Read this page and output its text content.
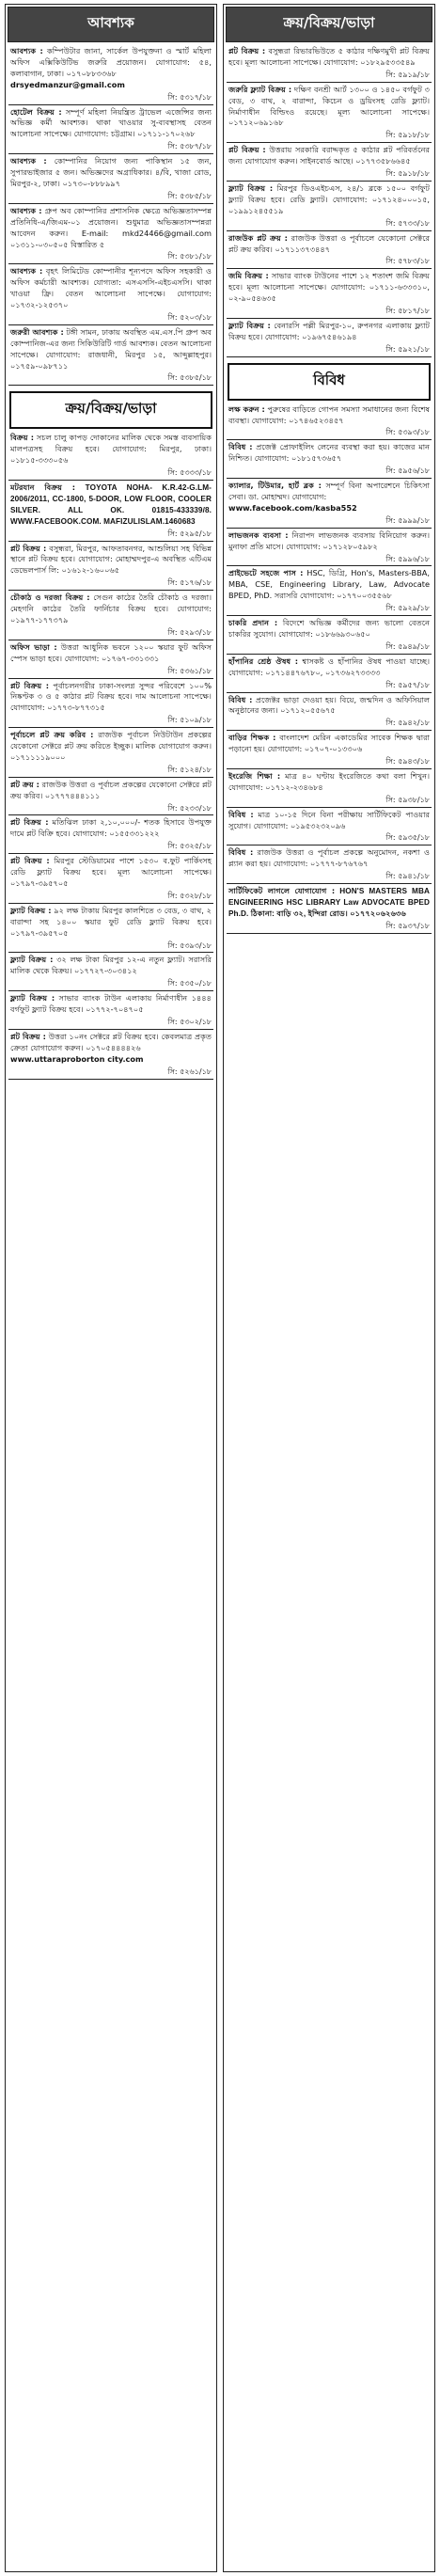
আবশ্যক
আবশ্যক : কম্পিউটার জানা, সার্কেল উপযুক্তনা ও স্মার্ট মহিলা অফিস এক্সিকিউটিভ জরুরি প্রয়োজন। যোগাযোগ: ৫৪, কলাবাগান, ঢাকা। ০১৭০৮৮৩৩৬৮
drsyedmanzur@gmail.com
সি: ৫৩১৭/১৮
হোটেল বিক্রয় : সম্পূর্ণ মহিলা নিয়ন্ত্রিত ট্রাভেল এজেন্সির জন্য অভিজ্ঞ কর্মী আবশ্যক। থাকা খাওয়ার সু-ব্যবস্থাসহ বেতন আলোচনা সাপেক্ষে। যোগাযোগ: চট্টগ্রাম। ০১৭১১-১৭০২৬৮
সি: ৫৩৮৭/১৮
আবশ্যক : কোম্পানির নিয়োগ জন্য পাকিস্থান ১৫ জন, সুপারভাইজার ৫ জন। অভিজ্ঞদের অগ্রাধিকার। ৪/বি, খাজা রোড, মিরপুর-২, ঢাকা। ০১৭৩০-৮৮৮৯৯৭
সি: ৫৩৮৫/১৮
আবশ্যক : গ্রুপ অব কোম্পানির প্রশাসনিক ক্ষেত্রে অভিজ্ঞতাসম্পন্ন প্রতিনিধি-এ/জিএম-০১ প্রয়োজন। শুধুমাত্র অভিজ্ঞতাসম্পন্নরা আবেদন করুন। E-mail: mkd24466@gmail.com ০১৩১১-০৩০৫০৫ বিস্তারিত ৫
সি: ৫৩৮১/১৮
আবশ্যক : বৃহৎ লিমিটেড কোম্পানীর শূন্যপদে অফিস সহকারী ও অফিস কর্মচারী আবশ্যক। যোগ্যতা: এসএসসি-এইচএসসি। থাকা খাওয়া ফ্রি। বেতন আলোচনা সাপেক্ষে। যোগাযোগ: ০১৭৩২-১২৫৩৭০
সি: ৫২০৩/১৮
জরুরী আবশ্যক : টঙ্গী সামন, ঢাকায় অবস্থিত এম.এস.পি গ্রুপ অব কোম্পানিজ-এর জন্য সিকিউরিটি গার্ড আবশ্যক। বেতন আলোচনা সাপেক্ষে। যোগাযোগ: রাজধানী, মিরপুর ১৫, আব্দুল্লাহপুর। ০১৭৫৯-০৯৮৭১১
সি: ৫৩৮৫/১৮
ক্রয়/বিক্রয়/ভাড়া
বিক্রয় : সচল চালু কাপড় দোকানের মালিক থেকে সমস্ত ব্যবসায়িক মালপত্রসহ বিক্রয় হবে। যোগাযোগ: মিরপুর, ঢাকা। ০১৮১৫-৩৩৩০৫৬
সি: ৫৩৩৩/১৮
মটরযান বিক্রয় : TOYOTA NOHA- K.R.42-G.LM-2006/2011, CC-1800, 5-DOOR, LOW FLOOR, COOLER SILVER. ALL OK. 01815-433339/8. WWW.FACEBOOK.COM. MAFIZULISLAM.1460683
সি: ৫২৯৫/১৮
প্লট বিক্রয় : বসুন্ধরা, মিরপুর, আফতাবনগর, আশুলিয়া সহ বিভিন্ন স্থানে প্লট বিক্রয় হবে। যোগাযোগ: মোহাম্মদপুর-এ অবস্থিত এটিএম ডেভেলপার্স লি: ০১৬১২-১৬০০৬৫
সি: ৫১৭৬/১৮
চৌকাঠ ও দরজা বিক্রয় : সেগুন কাঠের তৈরি চৌকাঠ ও দরজা। মেহগনি কাঠের তৈরি ফার্নিচার বিক্রয় হবে। যোগাযোগ: ০১৯৭৭-১৭৭৩৭৯
সি: ৫২৯৩/১৮
অফিস ভাড়া : উত্তরা আধুনিক ভবনে ১২০০ স্কয়ার ফুট অফিস স্পেস ভাড়া হবে। যোগাযোগ: ০১৭৬৭-৩৩১৩৩১
সি: ৫৩৬১/১৮
প্লট বিক্রয় : পূর্বাচলনগরীর ঢাকা-সংলগ্ন সুন্দর পরিবেশে ১০০% নিষ্কণ্টক ৩ ও ৫ কাঠার প্লট বিক্রয় হবে। দাম আলোচনা সাপেক্ষে। যোগাযোগ: ০১৭৭৩-৮৭৭৩১৫
সি: ৫১০৯/১৮
পূর্বাচলে প্লট ক্রয় করিব : রাজউক পূর্বাচল নিউটাউন প্রকল্পের যেকোনো সেক্টরে প্লট ক্রয় করিতে ইচ্ছুক। মালিক যোগাযোগ করুন। ০১৭১১১১৯০০০
সি: ৫১২৪/১৮
প্লট ক্রয় : রাজউক উত্তরা ও পূর্বাচল প্রকল্পের যেকোনো সেক্টরে প্লট ক্রয় করিব। ০১৭৭৭৪৪৪১১১
সি: ৫২৩৩/১৮
প্লট বিক্রয় : মতিঝিল ঢাকা ২,১০,০০০/- শতক হিসাবে উপযুক্ত দামে প্লট বিক্রি হবে। যোগাযোগ: ০১৫৫৩৩১২২২
সি: ৫৩২৫/১৮
প্লট বিক্রয় : মিরপুর স্টেডিয়ামের পাশে ১৫৩০ ব.ফুট পার্কিংসহ রেডি ফ্ল্যাট বিক্রয় হবে। মূল্য আলোচনা সাপেক্ষে। ০১৭৯৭-৩৯৫৭০৫
সি: ৫৩২৮/১৮
ফ্ল্যাট বিক্রয় : ৯২ লক্ষ টাকায় মিরপুর কালশিতে ৩ বেড, ৩ বাথ, ২ বারান্দা সহ ১৪০০ স্কয়ার ফুট রেডি ফ্ল্যাট বিক্রয় হবে। ০১৭৯৭-৩৯৫৭০৫
সি: ৫৩৯৩/১৮
ফ্ল্যাট বিক্রয় : ৩২ লক্ষ টাকা মিরপুর ১২-এ নতুন ফ্ল্যাট। সরাসরি মালিক থেকে বিক্রয়। ০১৭৭২৭-৩০৩৪১২
সি: ৫৩৫০/১৮
ফ্ল্যাট বিক্রয় : সাভার ব্যাংক টাউন এলাকায় নির্মাণাধীন ১৪৪৪ বর্গফুট ফ্ল্যাট বিক্রয় হবে। ০১৭৭২-৭০৪৭০৫
সি: ৫৩০২/১৮
প্লট বিক্রয় : উত্তরা ১০নং সেক্টরে প্লট বিক্রয় হবে। কেবলমাত্র প্রকৃত ক্রেতা যোগাযোগ করুন। ০১৭০৫৪৪৪৪২৬
www.uttaraproborton city.com
সি: ৫২৬১/১৮
ক্রয়/বিক্রয়/ভাড়া
প্লট বিক্রয় : বসুন্ধরা রিভারভিউতে ৫ কাঠার দক্ষিণমুখী প্লট বিক্রয় হবে। মূল্য আলোচনা সাপেক্ষে। যোগাযোগ: ০১৮২৯৫৩৩৫৪৯
সি: ৫৯১৯/১৮
জরুরি ফ্ল্যাট বিক্রয় : দক্ষিণ বনশ্রী আর্ট ১৩০০ ও ১৪৫০ বর্গফুট ৩ বেড, ৩ বাথ, ২ বারান্দা, কিচেন ও ড্রয়িংসহ রেডি ফ্ল্যাট। নির্মাণাধীন বিল্ডিংও রয়েছে। মূল্য আলোচনা সাপেক্ষে। ০১৭১২০৬৯১৬৮
সি: ৫৯১৮/১৮
প্লট বিক্রয় : উত্তরায় সরকারি বরাদ্দকৃত ৫ কাঠার প্লট পরিবর্তনের জন্য যোগাযোগ করুন। সাইনবোর্ড আছে। ০১৭৭৩৫৮৬৬৪৫
সি: ৫৯১৮/১৮
ফ্ল্যাট বিক্রয় : মিরপুর ডিওএইচএস, ২৪/১ ব্লকে ১৫০০ বর্গফুট ফ্ল্যাট বিক্রয় হবে। রেডি ফ্ল্যাট। যোগাযোগ: ০১৭১২৪০০০১৫, ০১৯৯১২৪৫৫১৯
সি: ৫৭৩৩/১৮
রাজউক প্লট ক্রয় : রাজউক উত্তরা ও পূর্বাচলে যেকোনো সেক্টরে প্লট ক্রয় করিব। ০১৭১১৩৭৩৪৪৭
সি: ৫৭৮৩/১৮
জমি বিক্রয় : সাভার ব্যাংক টাউনের পাশে ১২ শতাংশ জমি বিক্রয় হবে। মূল্য আলোচনা সাপেক্ষে। যোগাযোগ: ০১৭১১-৬৩৩৩১০, ০২-৯০৫৪৬৩৫
সি: ৫৮১৭/১৮
ফ্ল্যাট বিক্রয় : বেনারসি পল্লী মিরপুর-১০, রুপনগর এলাকায় ফ্ল্যাট বিক্রয় হবে। যোগাযোগ: ০১৯৬৭৫৪৬১৯৪
সি: ৫৯২১/১৮
বিবিধ
লক্ষ করুন : পুরুষের বাড়িতে গোপন সমস্যা সমাধানের জন্য বিশেষ ব্যবস্থা। যোগাযোগ: ০১৭৪৬৫২৩৪৫৭
সি: ৫৩৯৩/১৮
বিবিধ : প্রজেক্ট প্রোফাইলিং লেনের ব্যবস্থা করা হয়। কাজের মান নিশ্চিত। যোগাযোগ: ০১৮১৫৭৩৬৫৭
সি: ৫৯৫৬/১৮
ক্যালার, টিউমার, হার্ট ব্লক : সম্পূর্ণ বিনা অপারেশনে চিকিৎসা সেবা। ডা. মোহাম্মদ। যোগাযোগ:
www.facebook.com/kasba552
সি: ৫৯৯৯/১৮
লাভজনক ব্যবসা : নিরাপদ লাভজনক ব্যবসায় বিনিয়োগ করুন। মুনাফা প্রতি মাসে। যোগাযোগ: ০১৭১২৮০৫৯৮২
সি: ৫৯৯৬/১৮
প্রাইভেটে সহজে পাস : HSC, ডিগ্রি, Hon's, Masters-BBA, MBA, CSE, Engineering Library, Law, Advocate BPED, PhD. সরাসরি যোগাযোগ: ০১৭৭০০৩৫৫৬৮
সি: ৫৯২৯/১৮
চাকরি প্রদান : বিদেশে অভিজ্ঞ কর্মীদের জন্য ভালো বেতনে চাকরির সুযোগ। যোগাযোগ: ০১৮৬৬৯৩০৬৫০
সি: ৫৯৪৯/১৮
হাঁপানির শ্রেষ্ঠ ঔষধ : শ্বাসকষ্ট ও হাঁপানির ঔষধ পাওয়া যাচ্ছে। যোগাযোগ: ০১৭১৪৪৭৬৭৮০, ০১৭৩৬২৭৩৩৩৩
সি: ৫৯৫৭/১৮
বিবিধ : প্রজেক্টর ভাড়া দেওয়া হয়। বিয়ে, জন্মদিন ও অফিসিয়াল অনুষ্ঠানের জন্য। ০১৭১২০৫৫৬৭৫
সি: ৫৯৪২/১৮
বাড়ির শিক্ষক : বাংলাদেশ মেরিন একাডেমির সাবেক শিক্ষক দ্বারা পড়ানো হয়। যোগাযোগ: ০১৭০৭-০১৩৩০৬
সি: ৫৯৪৩/১৮
ইংরেজি শিক্ষা : মাত্র ৪০ ঘণ্টায় ইংরেজিতে কথা বলা শিখুন। যোগাযোগ: ০১৭১২-২৩৪৬৮৪
সি: ৫৯৩৮/১৮
বিবিধ : মাত্র ১০-১৫ দিনে বিনা পরীক্ষায় সার্টিফিকেট পাওয়ার সুযোগ। যোগাযোগ: ০১৯৫৩২৩২০৯৬
সি: ৫৯৩৫/১৮
বিবিধ : রাজউক উত্তরা ও পূর্বাচল প্রকল্পে অনুমোদন, নকশা ও প্ল্যান করা হয়। যোগাযোগ: ০১৭৭৭-৮৭৬৭৬৭
সি: ৫৯৪১/১৮
সার্টিফিকেট লাগলে যোগাযোগ : HON'S MASTERS MBA ENGINEERING HSC LIBRARY Law ADVOCATE BPED Ph.D. ঠিকানা: বাড়ি ৩২, ইন্দিরা রোড। ০১৭৭২০৬২৬৩৬
সি: ৫৯৩৭/১৮
